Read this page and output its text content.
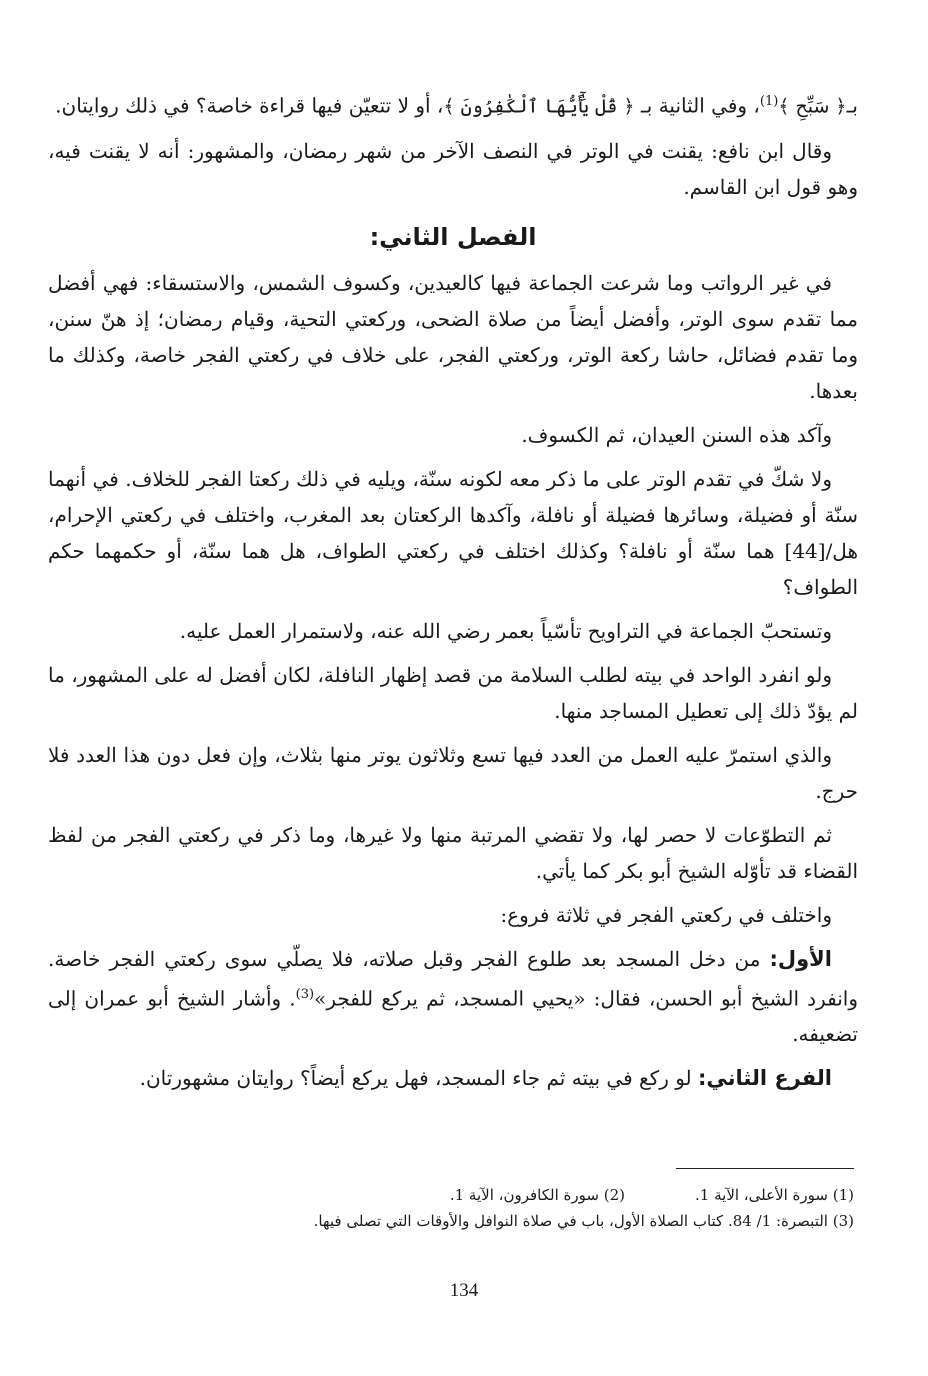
بـ﴿ سَبِّحِ ﴾$^{(1)}$، وفي الثانية بـ ﴿ قُلْ يَٰٓأَيُّهَا ٱلْكَٰفِرُونَ ﴾، أو لا تتعيّن فيها قراءة خاصة؟ في ذلك روايتان.

وقال ابن نافع: يقنت في الوتر في النصف الآخر من شهر رمضان، والمشهور: أنه لا يقنت فيه، وهو قول ابن القاسم.

الفصل الثاني:

في غير الرواتب وما شرعت الجماعة فيها كالعيدين، وكسوف الشمس، والاستسقاء: فهي أفضل مما تقدم سوى الوتر، وأفضل أيضاً من صلاة الضحى، وركعتي التحية، وقيام رمضان؛ إذ هنّ سنن، وما تقدم فضائل، حاشا ركعة الوتر، وركعتي الفجر، على خلاف في ركعتي الفجر خاصة، وكذلك ما بعدها.

وآكد هذه السنن العيدان، ثم الكسوف.

ولا شكّ في تقدم الوتر على ما ذكر معه لكونه سنّة، ويليه في ذلك ركعتا الفجر للخلاف. في أنهما سنّة أو فضيلة، وسائرها فضيلة أو نافلة، وآكدها الركعتان بعد المغرب، واختلف في ركعتي الإحرام، هل/[44] هما سنّة أو نافلة؟ وكذلك اختلف في ركعتي الطواف، هل هما سنّة، أو حكمهما حكم الطواف؟

وتستحبّ الجماعة في التراويح تأسّياً بعمر رضي الله عنه، ولاستمرار العمل عليه.

ولو انفرد الواحد في بيته لطلب السلامة من قصد إظهار النافلة، لكان أفضل له على المشهور، ما لم يؤدّ ذلك إلى تعطيل المساجد منها.

والذي استمرّ عليه العمل من العدد فيها تسع وثلاثون يوتر منها بثلاث، وإن فعل دون هذا العدد فلا حرج.

ثم التطوّعات لا حصر لها، ولا تقضي المرتبة منها ولا غيرها، وما ذكر في ركعتي الفجر من لفظ القضاء قد تأوّله الشيخ أبو بكر كما يأتي.

واختلف في ركعتي الفجر في ثلاثة فروع:

الأول: من دخل المسجد بعد طلوع الفجر وقبل صلاته، فلا يصلّي سوى ركعتي الفجر خاصة. وانفرد الشيخ أبو الحسن، فقال: «يحيي المسجد، ثم يركع للفجر»$^{(3)}$. وأشار الشيخ أبو عمران إلى تضعيفه.

الفرع الثاني: لو ركع في بيته ثم جاء المسجد، فهل يركع أيضاً؟ روايتان مشهورتان.

(1) سورة الأعلى، الآية 1.
(2) سورة الكافرون، الآية 1.
(3) التبصرة: 1/ 84. كتاب الصلاة الأول، باب في صلاة النوافل والأوقات التي تصلى فيها.
134
